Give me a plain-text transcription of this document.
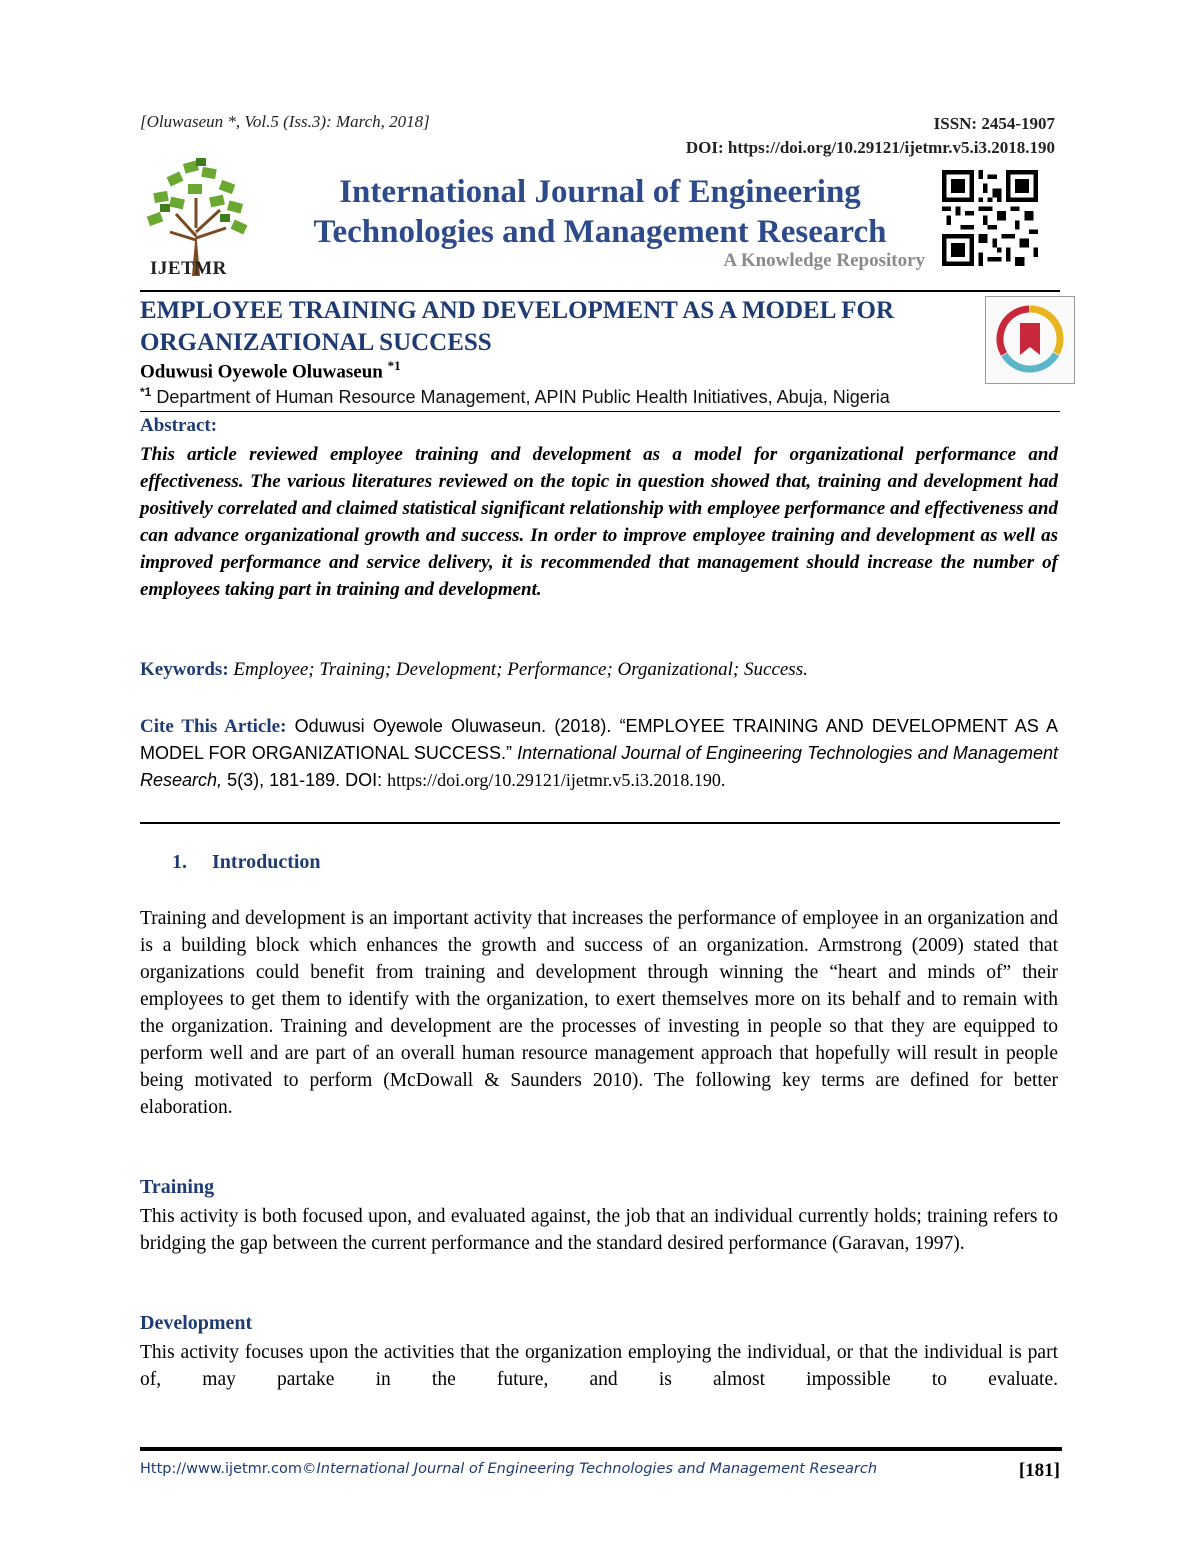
[Oluwaseun *, Vol.5 (Iss.3): March, 2018]	ISSN: 2454-1907
DOI: https://doi.org/10.29121/ijetmr.v5.i3.2018.190
IJETMR
International Journal of Engineering
Technologies and Management Research
A Knowledge Repository
EMPLOYEE TRAINING AND DEVELOPMENT AS A MODEL FOR
ORGANIZATIONAL SUCCESS
Oduwusi Oyewole Oluwaseun $^{*1}$
$^{*1}$ Department of Human Resource Management, APIN Public Health Initiatives, Abuja, Nigeria
Abstract:
This article reviewed employee training and development as a model for organizational performance and effectiveness. The various literatures reviewed on the topic in question showed that, training and development had positively correlated and claimed statistical significant relationship with employee performance and effectiveness and can advance organizational growth and success. In order to improve employee training and development as well as improved performance and service delivery, it is recommended that management should increase the number of employees taking part in training and development.
Keywords: Employee; Training; Development; Performance; Organizational; Success.
Cite This Article: Oduwusi Oyewole Oluwaseun. (2018). “EMPLOYEE TRAINING AND DEVELOPMENT AS A MODEL FOR ORGANIZATIONAL SUCCESS.” International Journal of Engineering Technologies and Management Research, 5(3), 181-189. DOI: https://doi.org/10.29121/ijetmr.v5.i3.2018.190.
1. Introduction
Training and development is an important activity that increases the performance of employee in an organization and is a building block which enhances the growth and success of an organization. Armstrong (2009) stated that organizations could benefit from training and development through winning the “heart and minds of” their employees to get them to identify with the organization, to exert themselves more on its behalf and to remain with the organization. Training and development are the processes of investing in people so that they are equipped to perform well and are part of an overall human resource management approach that hopefully will result in people being motivated to perform (McDowall & Saunders 2010). The following key terms are defined for better elaboration.
Training
This activity is both focused upon, and evaluated against, the job that an individual currently holds; training refers to bridging the gap between the current performance and the standard desired performance (Garavan, 1997).
Development
This activity focuses upon the activities that the organization employing the individual, or that the individual is part of, may partake in the future, and is almost impossible to evaluate.
Http://www.ijetmr.com©International Journal of Engineering Technologies and Management Research	[181]
